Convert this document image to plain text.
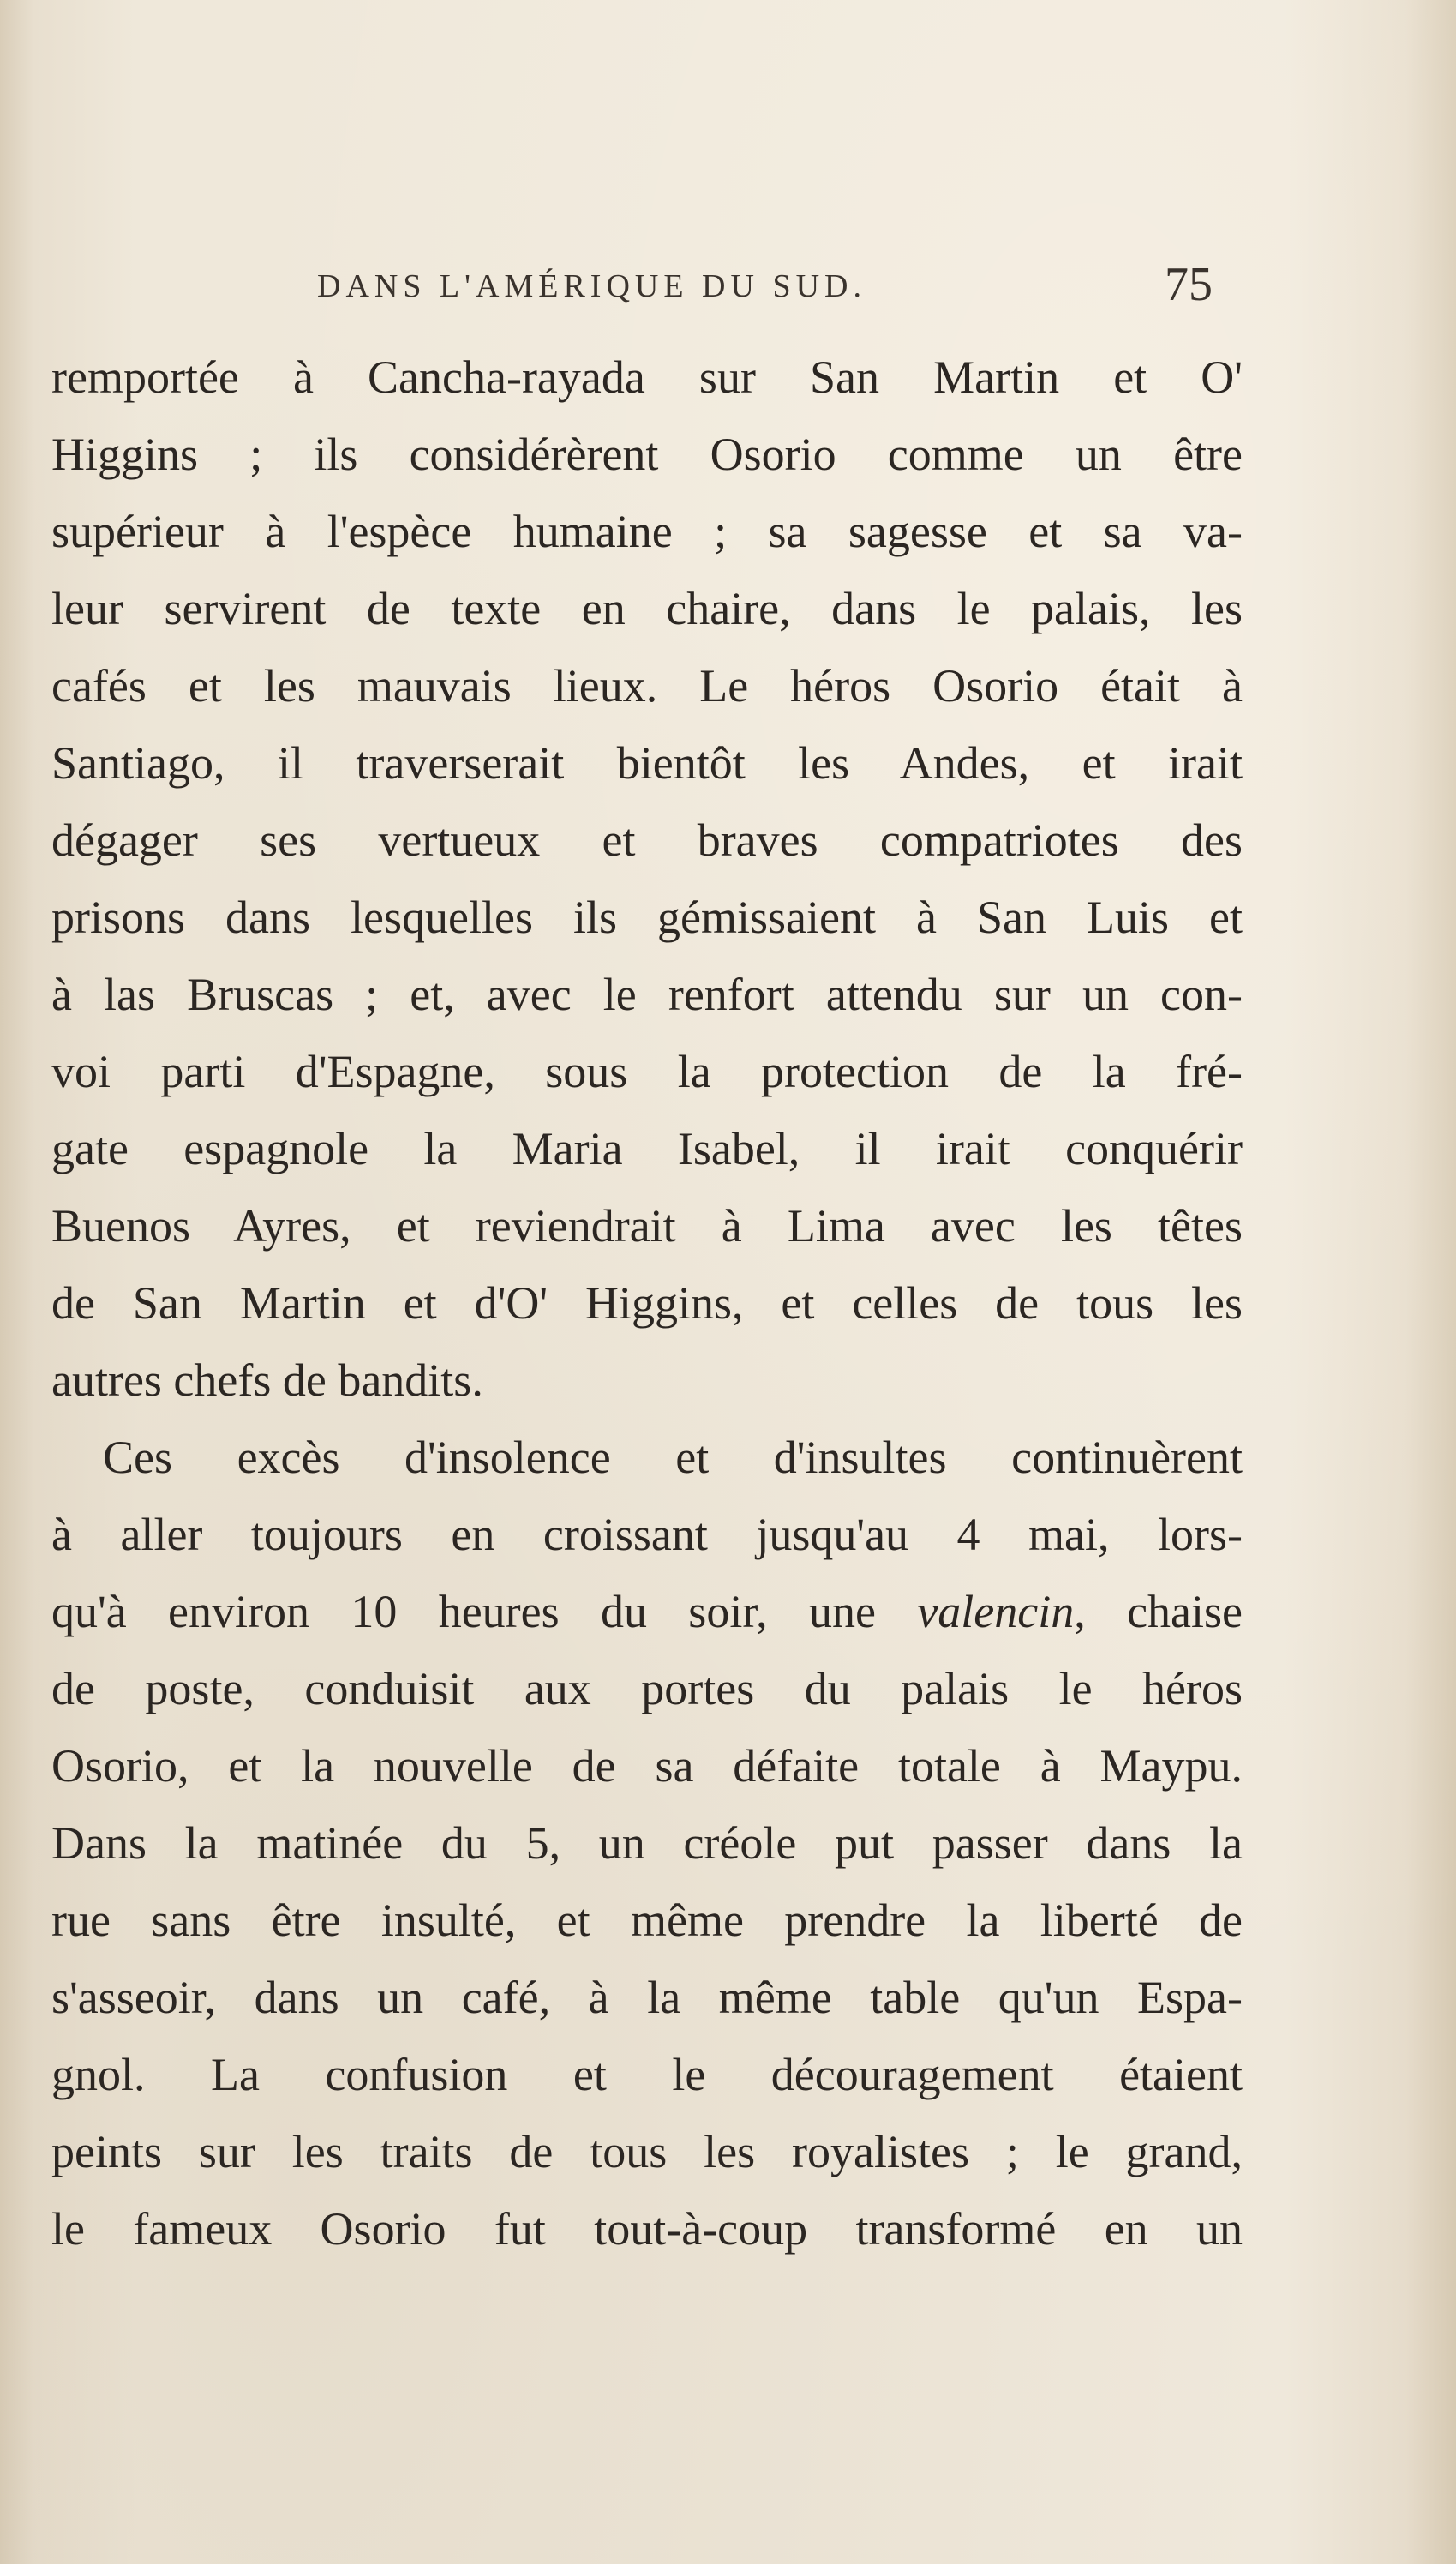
DANS L'AMÉRIQUE DU SUD.	75
remportée à Cancha-rayada sur San Martin et O'
Higgins ; ils considérèrent Osorio comme un être
supérieur à l'espèce humaine ; sa sagesse et sa va-
leur servirent de texte en chaire, dans le palais, les
cafés et les mauvais lieux. Le héros Osorio était à
Santiago, il traverserait bientôt les Andes, et irait
dégager ses vertueux et braves compatriotes des
prisons dans lesquelles ils gémissaient à San Luis et
à las Bruscas ; et, avec le renfort attendu sur un con-
voi parti d'Espagne, sous la protection de la fré-
gate espagnole la Maria Isabel, il irait conquérir
Buenos Ayres, et reviendrait à Lima avec les têtes
de San Martin et d'O' Higgins, et celles de tous les
autres chefs de bandits.
Ces excès d'insolence et d'insultes continuèrent
à aller toujours en croissant jusqu'au 4 mai, lors-
qu'à environ 10 heures du soir, une valencin, chaise
de poste, conduisit aux portes du palais le héros
Osorio, et la nouvelle de sa défaite totale à Maypu.
Dans la matinée du 5, un créole put passer dans la
rue sans être insulté, et même prendre la liberté de
s'asseoir, dans un café, à la même table qu'un Espa-
gnol. La confusion et le découragement étaient
peints sur les traits de tous les royalistes ; le grand,
le fameux Osorio fut tout-à-coup transformé en un
